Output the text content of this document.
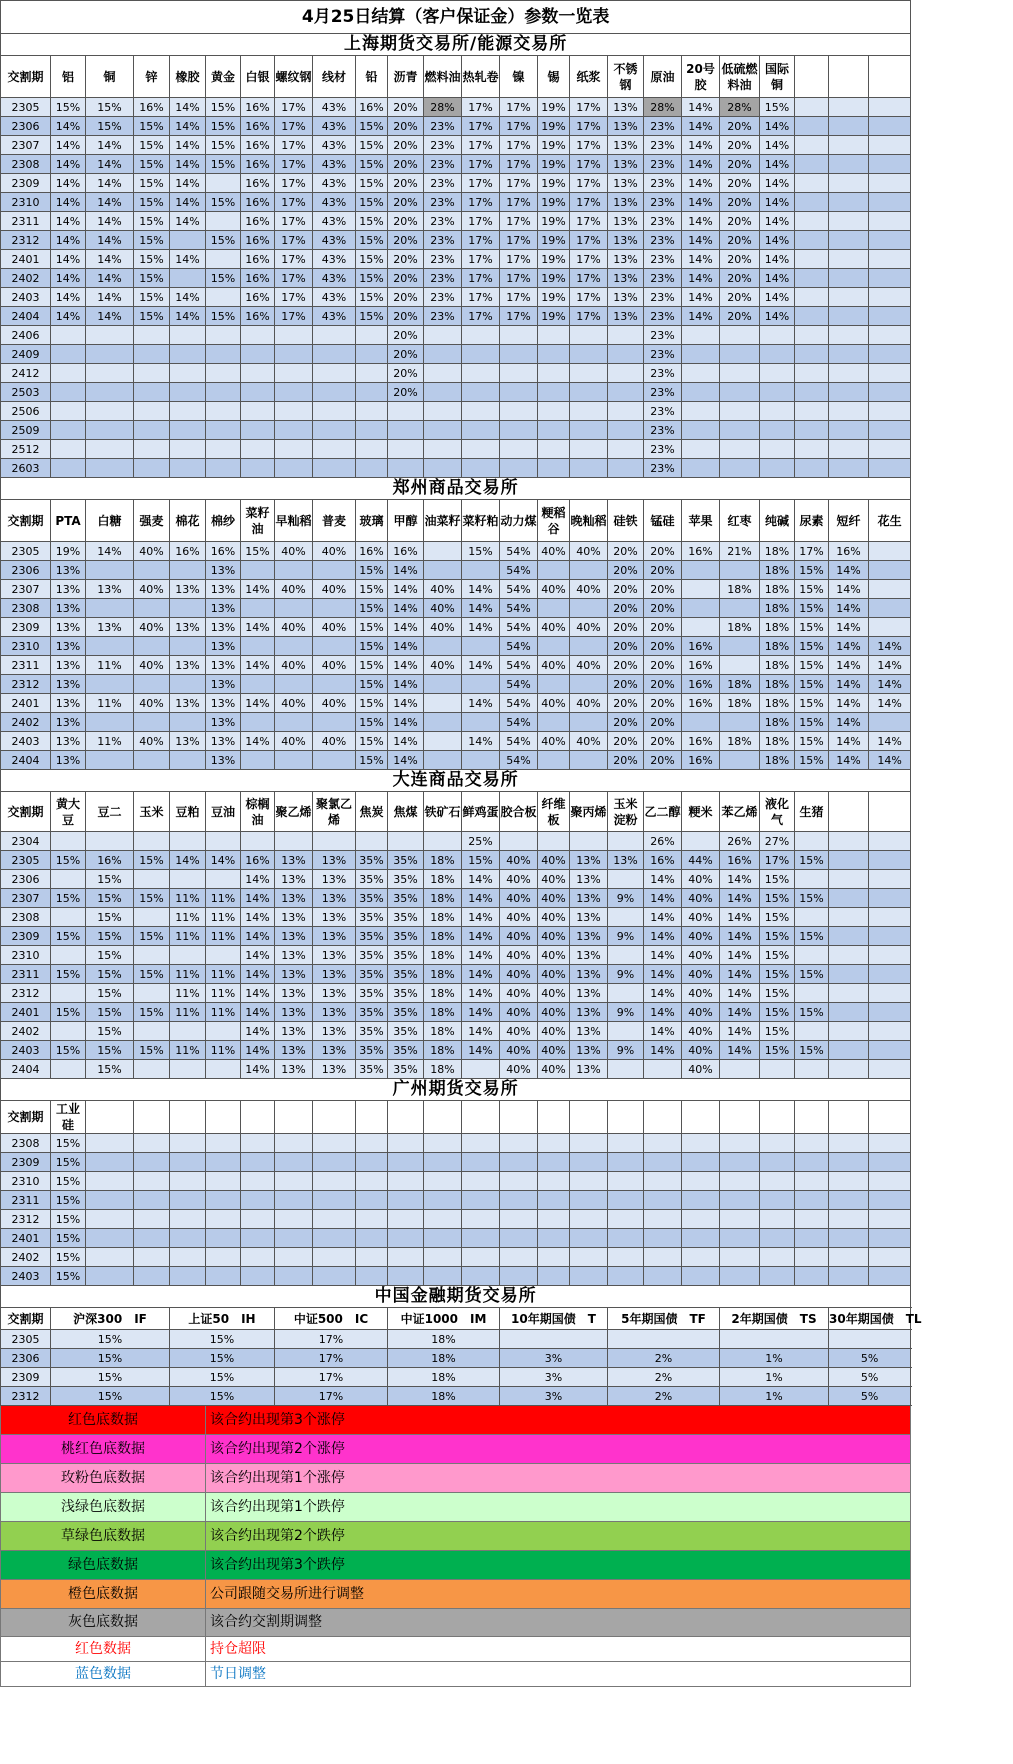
4月25日结算（客户保证金）参数一览表																							
上海期货交易所/能源交易所																							
交割期	铝	铜	锌	橡胶	黄金	白银	螺纹钢	线材	铅	沥青	燃料油	热轧卷	镍	锡	纸浆	不锈钢	原油	20号胶	低硫燃料油	国际铜			
2305	15%	15%	16%	14%	15%	16%	17%	43%	16%	20%	28%	17%	17%	19%	17%	13%	28%	14%	28%	15%			
2306	14%	15%	15%	14%	15%	16%	17%	43%	15%	20%	23%	17%	17%	19%	17%	13%	23%	14%	20%	14%			
2307	14%	14%	15%	14%	15%	16%	17%	43%	15%	20%	23%	17%	17%	19%	17%	13%	23%	14%	20%	14%			
2308	14%	14%	15%	14%	15%	16%	17%	43%	15%	20%	23%	17%	17%	19%	17%	13%	23%	14%	20%	14%			
2309	14%	14%	15%	14%		16%	17%	43%	15%	20%	23%	17%	17%	19%	17%	13%	23%	14%	20%	14%			
2310	14%	14%	15%	14%	15%	16%	17%	43%	15%	20%	23%	17%	17%	19%	17%	13%	23%	14%	20%	14%			
2311	14%	14%	15%	14%		16%	17%	43%	15%	20%	23%	17%	17%	19%	17%	13%	23%	14%	20%	14%			
2312	14%	14%	15%		15%	16%	17%	43%	15%	20%	23%	17%	17%	19%	17%	13%	23%	14%	20%	14%			
2401	14%	14%	15%	14%		16%	17%	43%	15%	20%	23%	17%	17%	19%	17%	13%	23%	14%	20%	14%			
2402	14%	14%	15%		15%	16%	17%	43%	15%	20%	23%	17%	17%	19%	17%	13%	23%	14%	20%	14%			
2403	14%	14%	15%	14%		16%	17%	43%	15%	20%	23%	17%	17%	19%	17%	13%	23%	14%	20%	14%			
2404	14%	14%	15%	14%	15%	16%	17%	43%	15%	20%	23%	17%	17%	19%	17%	13%	23%	14%	20%	14%			
2406										20%							23%						
2409										20%							23%						
2412										20%							23%						
2503										20%							23%						
2506																	23%						
2509																	23%						
2512																	23%						
2603																	23%						
郑州商品交易所																							
交割期	PTA	白糖	强麦	棉花	棉纱	菜籽油	早籼稻	普麦	玻璃	甲醇	油菜籽	菜籽粕	动力煤	粳稻谷	晚籼稻	硅铁	锰硅	苹果	红枣	纯碱	尿素	短纤	花生
2305	19%	14%	40%	16%	16%	15%	40%	40%	16%	16%		15%	54%	40%	40%	20%	20%	16%	21%	18%	17%	16%	
2306	13%				13%				15%	14%			54%			20%	20%			18%	15%	14%	
2307	13%	13%	40%	13%	13%	14%	40%	40%	15%	14%	40%	14%	54%	40%	40%	20%	20%		18%	18%	15%	14%	
2308	13%				13%				15%	14%	40%	14%	54%			20%	20%			18%	15%	14%	
2309	13%	13%	40%	13%	13%	14%	40%	40%	15%	14%	40%	14%	54%	40%	40%	20%	20%		18%	18%	15%	14%	
2310	13%				13%				15%	14%			54%			20%	20%	16%		18%	15%	14%	14%
2311	13%	11%	40%	13%	13%	14%	40%	40%	15%	14%	40%	14%	54%	40%	40%	20%	20%	16%		18%	15%	14%	14%
2312	13%				13%				15%	14%			54%			20%	20%	16%	18%	18%	15%	14%	14%
2401	13%	11%	40%	13%	13%	14%	40%	40%	15%	14%		14%	54%	40%	40%	20%	20%	16%	18%	18%	15%	14%	14%
2402	13%				13%				15%	14%			54%			20%	20%			18%	15%	14%	
2403	13%	11%	40%	13%	13%	14%	40%	40%	15%	14%		14%	54%	40%	40%	20%	20%	16%	18%	18%	15%	14%	14%
2404	13%				13%				15%	14%			54%			20%	20%	16%		18%	15%	14%	14%
大连商品交易所																							
交割期	黄大豆	豆二	玉米	豆粕	豆油	棕榈油	聚乙烯	聚氯乙烯	焦炭	焦煤	铁矿石	鲜鸡蛋	胶合板	纤维板	聚丙烯	玉米淀粉	乙二醇	粳米	苯乙烯	液化气	生猪		
2304												25%					26%		26%	27%			
2305	15%	16%	15%	14%	14%	16%	13%	13%	35%	35%	18%	15%	40%	40%	13%	13%	16%	44%	16%	17%	15%		
2306		15%				14%	13%	13%	35%	35%	18%	14%	40%	40%	13%		14%	40%	14%	15%			
2307	15%	15%	15%	11%	11%	14%	13%	13%	35%	35%	18%	14%	40%	40%	13%	9%	14%	40%	14%	15%	15%		
2308		15%		11%	11%	14%	13%	13%	35%	35%	18%	14%	40%	40%	13%		14%	40%	14%	15%			
2309	15%	15%	15%	11%	11%	14%	13%	13%	35%	35%	18%	14%	40%	40%	13%	9%	14%	40%	14%	15%	15%		
2310		15%				14%	13%	13%	35%	35%	18%	14%	40%	40%	13%		14%	40%	14%	15%			
2311	15%	15%	15%	11%	11%	14%	13%	13%	35%	35%	18%	14%	40%	40%	13%	9%	14%	40%	14%	15%	15%		
2312		15%		11%	11%	14%	13%	13%	35%	35%	18%	14%	40%	40%	13%		14%	40%	14%	15%			
2401	15%	15%	15%	11%	11%	14%	13%	13%	35%	35%	18%	14%	40%	40%	13%	9%	14%	40%	14%	15%	15%		
2402		15%				14%	13%	13%	35%	35%	18%	14%	40%	40%	13%		14%	40%	14%	15%			
2403	15%	15%	15%	11%	11%	14%	13%	13%	35%	35%	18%	14%	40%	40%	13%	9%	14%	40%	14%	15%	15%		
2404		15%				14%	13%	13%	35%	35%	18%		40%	40%	13%			40%					
广州期货交易所																							
交割期	工业硅																						
2308	15%																						
2309	15%																						
2310	15%																						
2311	15%																						
2312	15%																						
2401	15%																						
2402	15%																						
2403	15%																						
中国金融期货交易所																							
交割期	沪深300　IF			上证50　IH			中证500　IC			中证1000　IM			10年期国债　T			5年期国债　TF			2年期国债　TS			30年期国债　TL	
2305	15%			15%			17%			18%													
2306	15%			15%			17%			18%			3%			2%			1%			5%	
2309	15%			15%			17%			18%			3%			2%			1%			5%	
2312	15%			15%			17%			18%			3%			2%			1%			5%	
红色底数据					该合约出现第3个涨停																		
桃红色底数据					该合约出现第2个涨停																		
玫粉色底数据					该合约出现第1个涨停																		
浅绿色底数据					该合约出现第1个跌停																		
草绿色底数据					该合约出现第2个跌停																		
绿色底数据					该合约出现第3个跌停																		
橙色底数据					公司跟随交易所进行调整																		
灰色底数据					该合约交割期调整																		
红色数据					持仓超限																		
蓝色数据					节日调整																		
